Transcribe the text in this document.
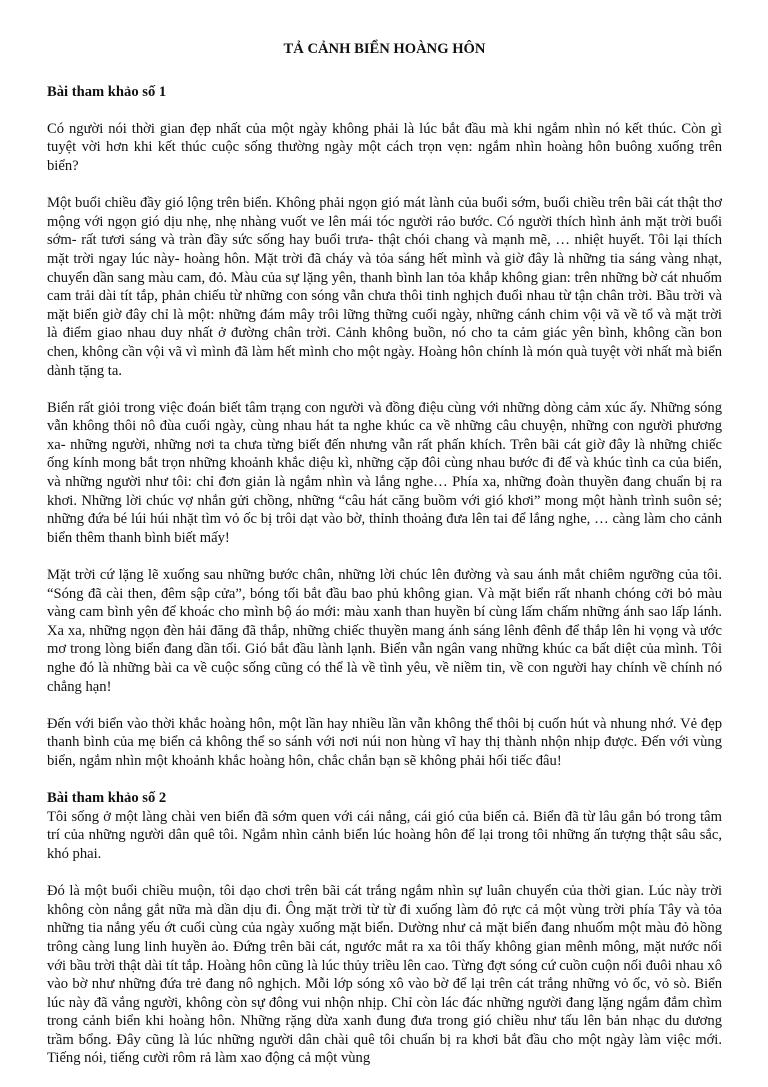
TẢ CẢNH BIỂN HOÀNG HÔN
Bài tham khảo số 1

Có người nói thời gian đẹp nhất của một ngày không phải là lúc bắt đầu mà khi ngắm nhìn nó kết thúc. Còn gì tuyệt vời hơn khi kết thúc cuộc sống thường ngày một cách trọn vẹn: ngắm nhìn hoàng hôn buông xuống trên biển?

Một buổi chiều đầy gió lộng trên biển. Không phải ngọn gió mát lành của buổi sớm, buổi chiều trên bãi cát thật thơ mộng với ngọn gió dịu nhẹ, nhẹ nhàng vuốt ve lên mái tóc người rảo bước. Có người thích hình ảnh mặt trời buổi sớm- rất tươi sáng và tràn đầy sức sống hay buổi trưa- thật chói chang và mạnh mẽ, … nhiệt huyết. Tôi lại thích mặt trời ngay lúc này- hoàng hôn. Mặt trời đã cháy và tỏa sáng hết mình và giờ đây là những tia sáng vàng nhạt, chuyển dần sang màu cam, đỏ. Màu của sự lặng yên, thanh bình lan tỏa khắp không gian: trên những bờ cát nhuốm cam trải dài tít tắp, phản chiếu từ những con sóng vẫn chưa thôi tinh nghịch đuổi nhau từ tận chân trời. Bầu trời và mặt biển giờ đây chỉ là một: những đám mây trôi lững thững cuối ngày, những cánh chim vội vã về tổ và mặt trời là điểm giao nhau duy nhất ở đường chân trời. Cảnh không buồn, nó cho ta cảm giác yên bình, không cần bon chen, không cần vội vã vì mình đã làm hết mình cho một ngày. Hoàng hôn chính là món quà tuyệt vời nhất mà biển dành tặng ta.

Biển rất giỏi trong việc đoán biết tâm trạng con người và đồng điệu cùng với những dòng cảm xúc ấy. Những sóng vẫn không thôi nô đùa cuối ngày, cùng nhau hát ta nghe khúc ca về những câu chuyện, những con người phương xa- những người, những nơi ta chưa từng biết đến nhưng vẫn rất phấn khích. Trên bãi cát giờ đây là những chiếc ống kính mong bắt trọn những khoảnh khắc diệu kì, những cặp đôi cùng nhau bước đi để và khúc tình ca của biển, và những người như tôi: chỉ đơn giản là ngắm nhìn và lắng nghe… Phía xa, những đoàn thuyền đang chuẩn bị ra khơi. Những lời chúc vợ nhắn gửi chồng, những “câu hát căng buồm với gió khơi” mong một hành trình suôn sẻ; những đứa bé lúi húi nhặt tìm vỏ ốc bị trôi dạt vào bờ, thỉnh thoảng đưa lên tai để lắng nghe, … càng làm cho cảnh biển thêm thanh bình biết mấy!

Mặt trời cứ lặng lẽ xuống sau những bước chân, những lời chúc lên đường và sau ánh mắt chiêm ngưỡng của tôi. “Sóng đã cài then, đêm sập cửa”, bóng tối bắt đầu bao phủ không gian. Và mặt biển rất nhanh chóng cởi bỏ màu vàng cam bình yên để khoác cho mình bộ áo mới: màu xanh than huyền bí cùng lấm chấm những ánh sao lấp lánh. Xa xa, những ngọn đèn hải đăng đã thắp, những chiếc thuyền mang ánh sáng lênh đênh để thắp lên hi vọng và ước mơ trong lòng biển đang dần tối. Gió bắt đầu lành lạnh. Biển vẫn ngân vang những khúc ca bất diệt của mình. Tôi nghe đó là những bài ca về cuộc sống cũng có thể là về tình yêu, về niềm tin, về con người hay chính về chính nó chẳng hạn!

Đến với biển vào thời khắc hoàng hôn, một lần hay nhiều lần vẫn không thể thôi bị cuốn hút và nhung nhớ. Vẻ đẹp thanh bình của mẹ biển cả không thể so sánh với nơi núi non hùng vĩ hay thị thành nhộn nhịp được. Đến với vùng biển, ngắm nhìn một khoảnh khắc hoàng hôn, chắc chắn bạn sẽ không phải hối tiếc đâu!

Bài tham khảo số 2

Tôi sống ở một làng chài ven biển đã sớm quen với cái nắng, cái gió của biển cả. Biển đã từ lâu gắn bó trong tâm trí của những người dân quê tôi. Ngắm nhìn cảnh biển lúc hoàng hôn để lại trong tôi những ấn tượng thật sâu sắc, khó phai.

Đó là một buổi chiều muộn, tôi dạo chơi trên bãi cát trắng ngắm nhìn sự luân chuyển của thời gian. Lúc này trời không còn nắng gắt nữa mà dần dịu đi. Ông mặt trời từ từ đi xuống làm đỏ rực cả một vùng trời phía Tây và tỏa những tia nắng yếu ớt cuối cùng của ngày xuống mặt biển. Dường như cả mặt biển đang nhuốm một màu đỏ hồng trông càng lung linh huyền ảo. Đứng trên bãi cát, ngước mắt ra xa tôi thấy không gian mênh mông, mặt nước nối với bầu trời thật dài tít tắp. Hoàng hôn cũng là lúc thủy triều lên cao. Từng đợt sóng cứ cuồn cuộn nối đuôi nhau xô vào bờ như những đứa trẻ đang nô nghịch. Mỗi lớp sóng xô vào bờ để lại trên cát trắng những vỏ ốc, vỏ sò. Biển lúc này đã vắng người, không còn sự đông vui nhộn nhịp. Chỉ còn lác đác những người đang lặng ngắm đắm chìm trong cảnh biển khi hoàng hôn. Những rặng dừa xanh đung đưa trong gió chiều như tấu lên bản nhạc du dương trầm bổng. Đây cũng là lúc những người dân chài quê tôi chuẩn bị ra khơi bắt đầu cho một ngày làm việc mới. Tiếng nói, tiếng cười rôm rả làm xao động cả một vùng
